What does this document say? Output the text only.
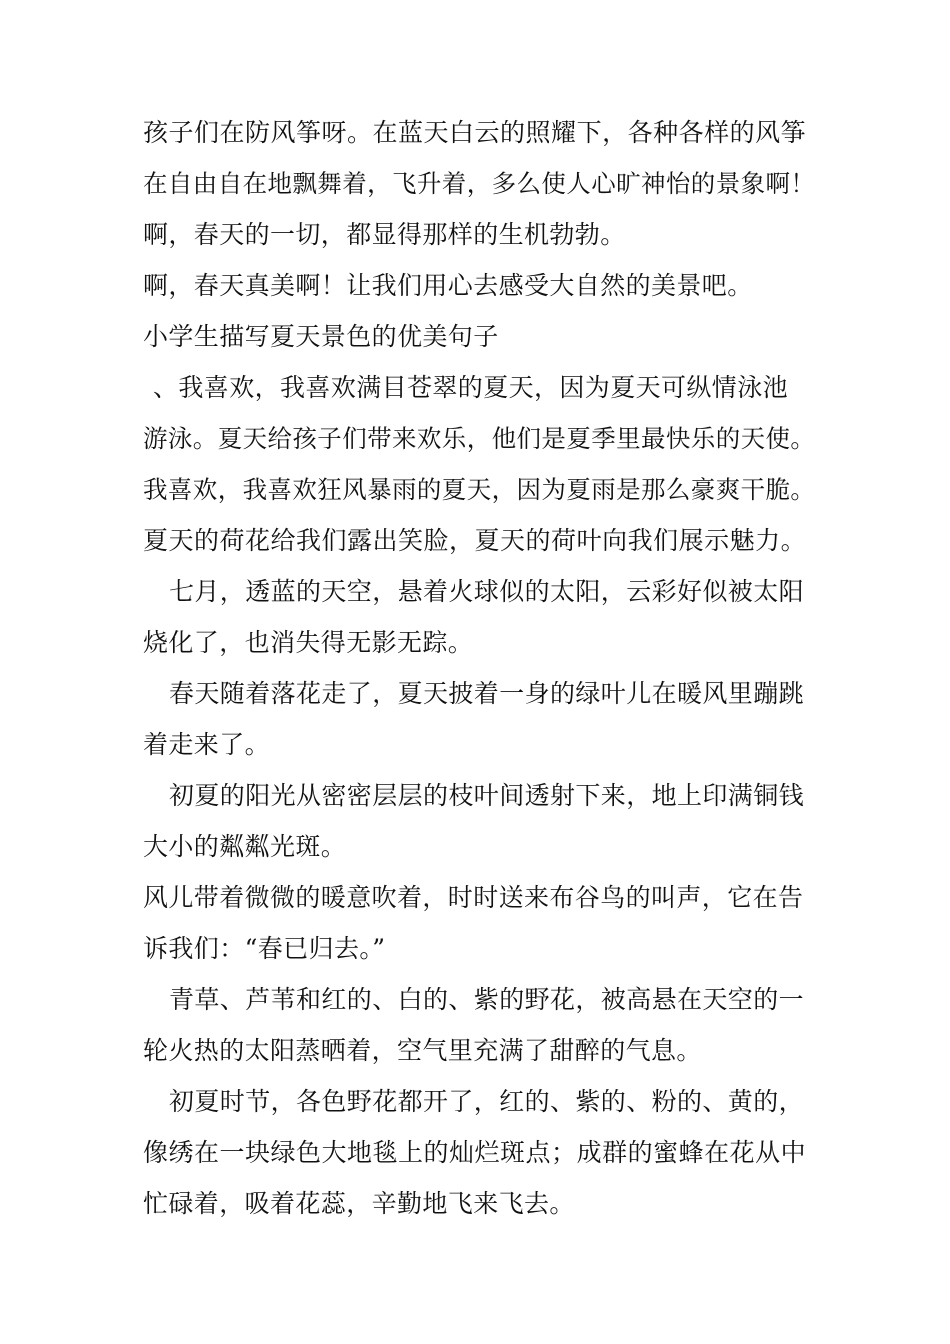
孩子们在防风筝呀。在蓝天白云的照耀下，各种各样的风筝
在自由自在地飘舞着，飞升着，多么使人心旷神怡的景象啊！
啊，春天的一切，都显得那样的生机勃勃。
啊，春天真美啊！让我们用心去感受大自然的美景吧。
小学生描写夏天景色的优美句子
、我喜欢，我喜欢满目苍翠的夏天，因为夏天可纵情泳池
游泳。夏天给孩子们带来欢乐，他们是夏季里最快乐的天使。
我喜欢，我喜欢狂风暴雨的夏天，因为夏雨是那么豪爽干脆。
夏天的荷花给我们露出笑脸，夏天的荷叶向我们展示魅力。
七月，透蓝的天空，悬着火球似的太阳，云彩好似被太阳
烧化了，也消失得无影无踪。
春天随着落花走了，夏天披着一身的绿叶儿在暖风里蹦跳
着走来了。
初夏的阳光从密密层层的枝叶间透射下来，地上印满铜钱
大小的粼粼光斑。
风儿带着微微的暖意吹着，时时送来布谷鸟的叫声，它在告
诉我们：“春已归去。”
青草、芦苇和红的、白的、紫的野花，被高悬在天空的一
轮火热的太阳蒸晒着，空气里充满了甜醉的气息。
初夏时节，各色野花都开了，红的、紫的、粉的、黄的，
像绣在一块绿色大地毯上的灿烂斑点；成群的蜜蜂在花从中
忙碌着，吸着花蕊，辛勤地飞来飞去。
